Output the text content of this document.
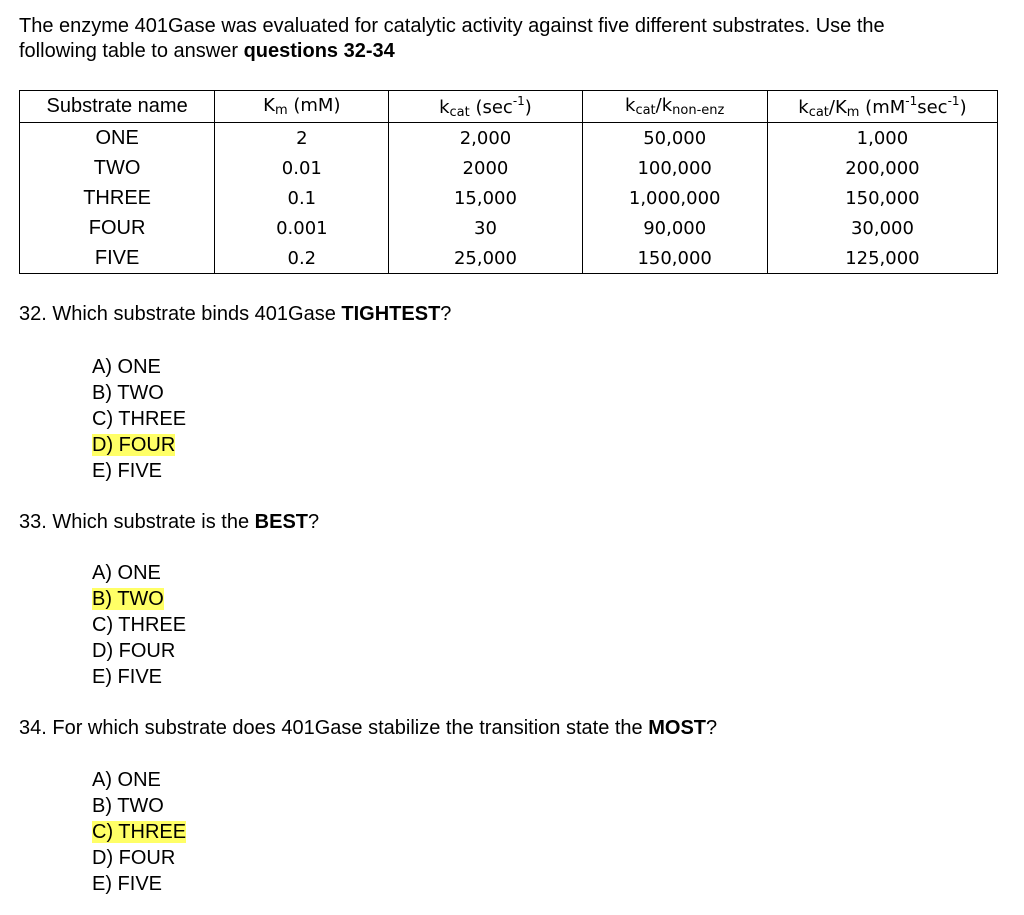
The enzyme 401Gase was evaluated for catalytic activity against five different substrates. Use the
following table to answer questions 32-34
Substrate name	$K_m$ (mM)	$k_{cat}$ $(\sec^{-1})$	$k_{cat}/k_{non-enz}$	$k_{cat}/K_m$ $(mM^{-1}\sec^{-1})$
ONE	2	2,000	50,000	1,000
TWO	0.01	2000	100,000	200,000
THREE	0.1	15,000	1,000,000	150,000
FOUR	0.001	30	90,000	30,000
FIVE	0.2	25,000	150,000	125,000
32. Which substrate binds 401Gase TIGHTEST?
A) ONE
B) TWO
C) THREE
D) FOUR
E) FIVE
33. Which substrate is the BEST?
A) ONE
B) TWO
C) THREE
D) FOUR
E) FIVE
34. For which substrate does 401Gase stabilize the transition state the MOST?
A) ONE
B) TWO
C) THREE
D) FOUR
E) FIVE
